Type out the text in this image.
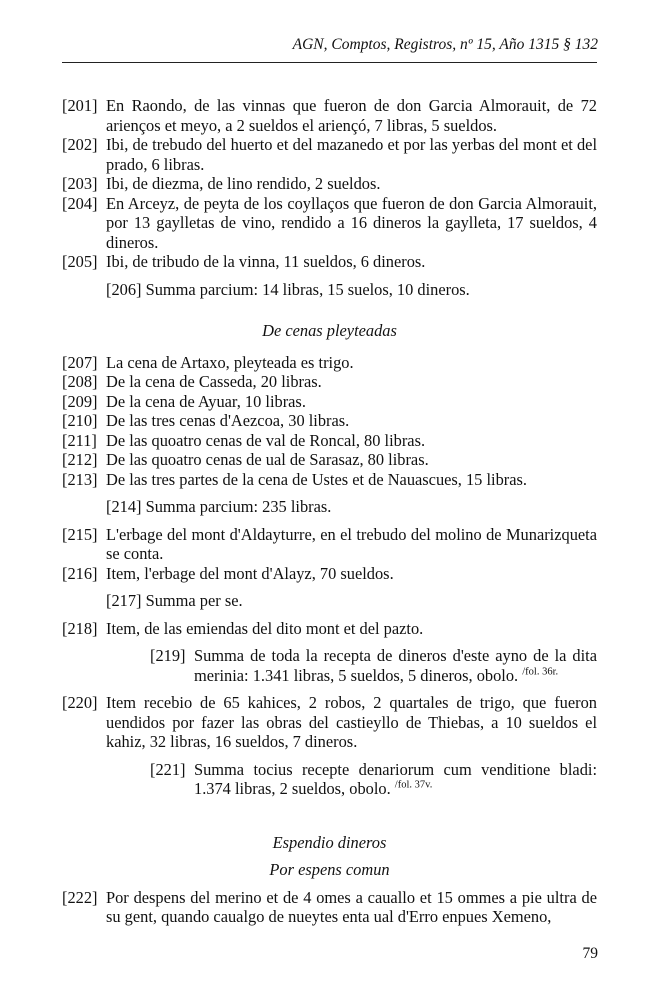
AGN, Comptos, Registros, nº 15, Año 1315 § 132
[201] En Raondo, de las vinnas que fueron de don Garcia Almorauit, de 72 arienços et meyo, a 2 sueldos el ariençó, 7 libras, 5 sueldos.
[202] Ibi, de trebudo del huerto et del mazanedo et por las yerbas del mont et del prado, 6 libras.
[203] Ibi, de diezma, de lino rendido, 2 sueldos.
[204] En Arceyz, de peyta de los coyllaços que fueron de don Garcia Almorauit, por 13 gaylletas de vino, rendido a 16 dineros la gaylleta, 17 sueldos, 4 dineros.
[205] Ibi, de tribudo de la vinna, 11 sueldos, 6 dineros.
[206] Summa parcium: 14 libras, 15 suelos, 10 dineros.
De cenas pleyteadas
[207] La cena de Artaxo, pleyteada es trigo.
[208] De la cena de Casseda, 20 libras.
[209] De la cena de Ayuar, 10 libras.
[210] De las tres cenas d'Aezcoa, 30 libras.
[211] De las quoatro cenas de val de Roncal, 80 libras.
[212] De las quoatro cenas de ual de Sarasaz, 80 libras.
[213] De las tres partes de la cena de Ustes et de Nauascues, 15 libras.
[214] Summa parcium: 235 libras.
[215] L'erbage del mont d'Aldayturre, en el trebudo del molino de Munarizqueta se conta.
[216] Item, l'erbage del mont d'Alayz, 70 sueldos.
[217] Summa per se.
[218] Item, de las emiendas del dito mont et del pazto.
[219] Summa de toda la recepta de dineros d'este ayno de la dita merinia: 1.341 libras, 5 sueldos, 5 dineros, obolo. $^{/fol. 36r.}$
[220] Item recebio de 65 kahices, 2 robos, 2 quartales de trigo, que fueron uendidos por fazer las obras del castieyllo de Thiebas, a 10 sueldos el kahiz, 32 libras, 16 sueldos, 7 dineros.
[221] Summa tocius recepte denariorum cum venditione bladi: 1.374 libras, 2 sueldos, obolo. $^{/fol. 37v.}$
Espendio dineros
Por espens comun
[222] Por despens del merino et de 4 omes a cauallo et 15 ommes a pie ultra de su gent, quando caualgo de nueytes enta ual d'Erro enpues Xemeno,
79
